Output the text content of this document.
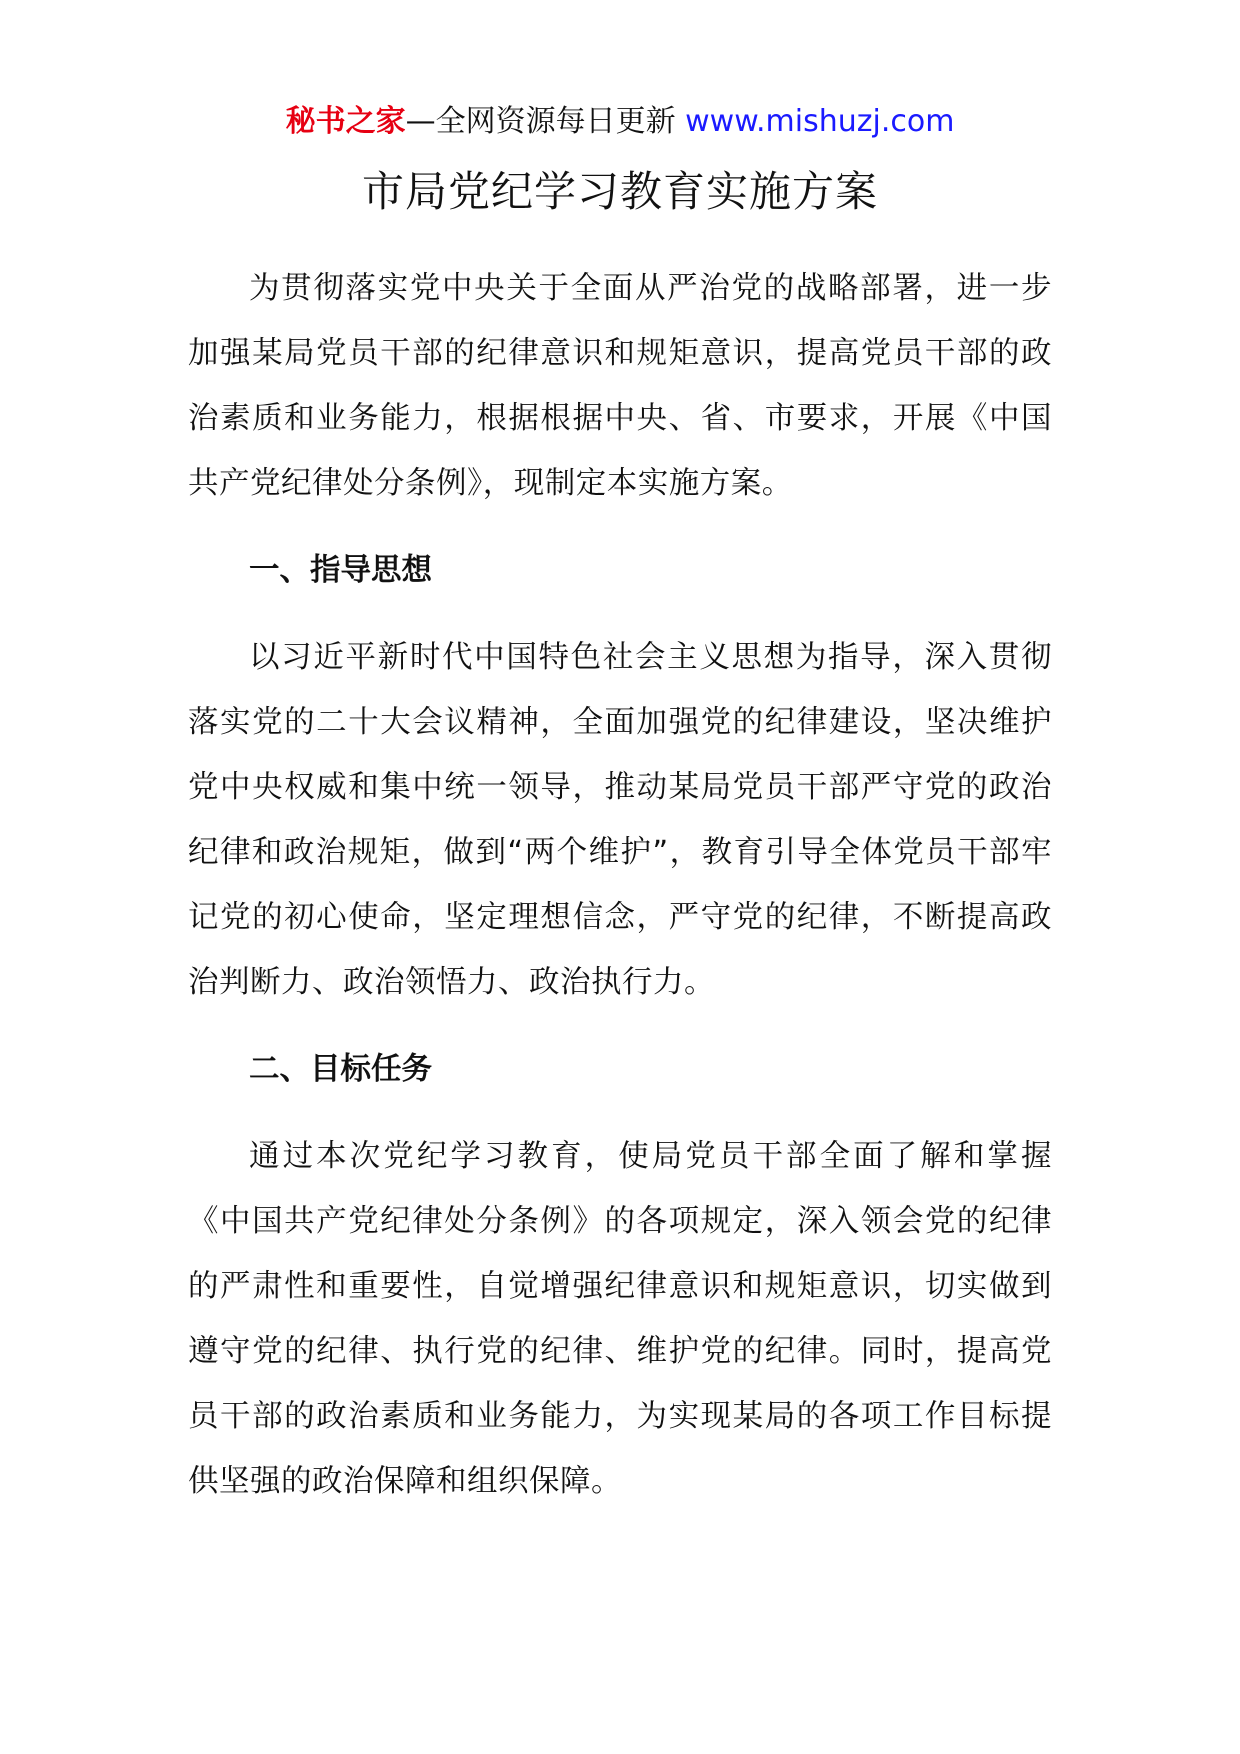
秘书之家—全网资源每日更新 www.mishuzj.com
市局党纪学习教育实施方案

为贯彻落实党中央关于全面从严治党的战略部署，进一步加强某局党员干部的纪律意识和规矩意识，提高党员干部的政治素质和业务能力，根据根据中央、省、市要求，开展《中国共产党纪律处分条例》，现制定本实施方案。

一、指导思想

以习近平新时代中国特色社会主义思想为指导，深入贯彻落实党的二十大会议精神，全面加强党的纪律建设，坚决维护党中央权威和集中统一领导，推动某局党员干部严守党的政治纪律和政治规矩，做到“两个维护”，教育引导全体党员干部牢记党的初心使命，坚定理想信念，严守党的纪律，不断提高政治判断力、政治领悟力、政治执行力。

二、目标任务

通过本次党纪学习教育，使局党员干部全面了解和掌握《中国共产党纪律处分条例》的各项规定，深入领会党的纪律的严肃性和重要性，自觉增强纪律意识和规矩意识，切实做到遵守党的纪律、执行党的纪律、维护党的纪律。同时，提高党员干部的政治素质和业务能力，为实现某局的各项工作目标提供坚强的政治保障和组织保障。
